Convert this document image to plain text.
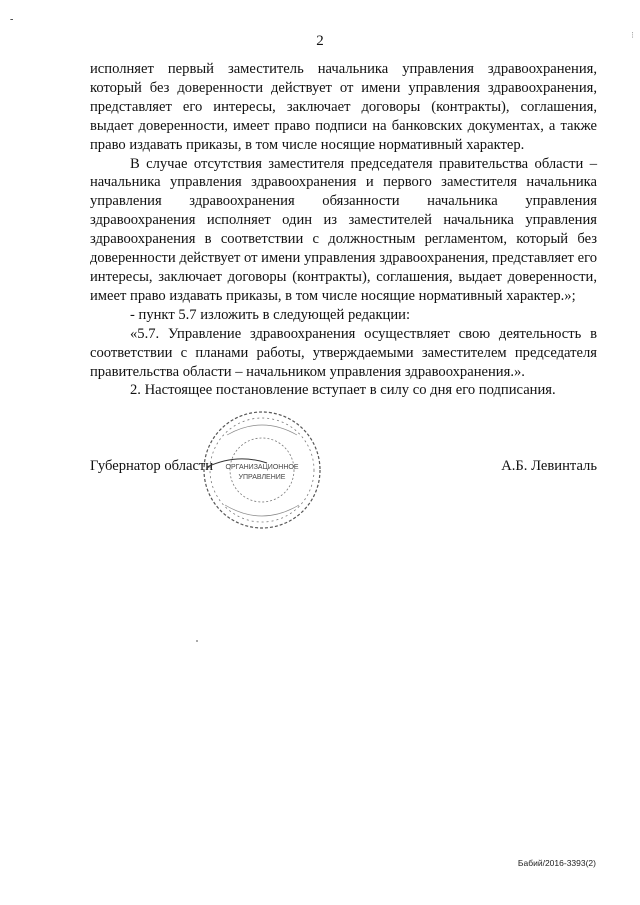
-
⁝
2

исполняет первый заместитель начальника управления здравоохранения, который без доверенности действует от имени управления здравоохранения, представляет его интересы, заключает договоры (контракты), соглашения, выдает доверенности, имеет право подписи на банковских документах, а также право издавать приказы, в том числе носящие нормативный характер.

В случае отсутствия заместителя председателя правительства области – начальника управления здравоохранения и первого заместителя начальника управления здравоохранения обязанности начальника управления здравоохранения исполняет один из заместителей начальника управления здравоохранения в соответствии с должностным регламентом, который без доверенности действует от имени управления здравоохранения, представляет его интересы, заключает договоры (контракты), соглашения, выдает доверенности, имеет право издавать приказы, в том числе носящие нормативный характер.»;

- пункт 5.7 изложить в следующей редакции:

«5.7. Управление здравоохранения осуществляет свою деятельность в соответствии с планами работы, утверждаемыми заместителем председателя правительства области – начальником управления здравоохранения.».

2. Настоящее постановление вступает в силу со дня его подписания.

Губернатор области	А.Б. Левинталь
ОРГАНИЗАЦИОННОЕ
УПРАВЛЕНИЕ
Бабий/2016-3393(2)
